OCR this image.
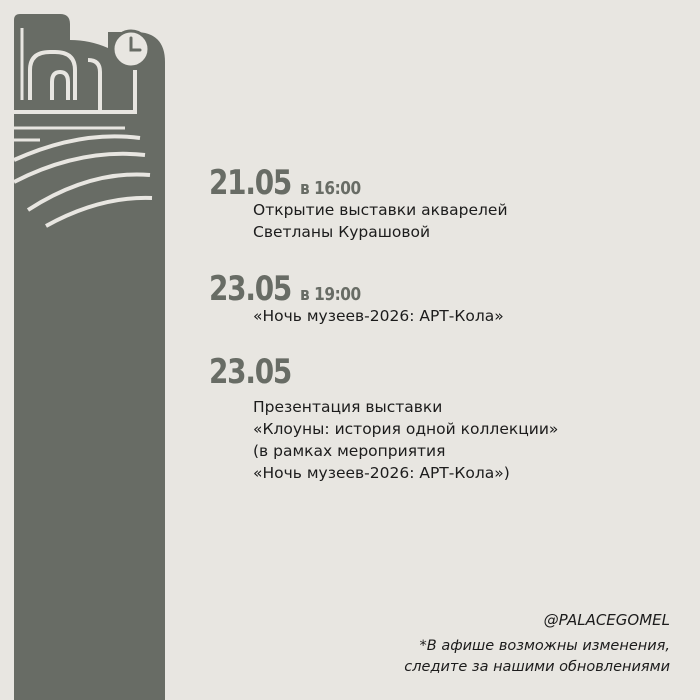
21.05 в 16:00
Открытие выставки акварелей
Светланы Курашовой
23.05 в 19:00
«Ночь музеев-2026: АРТ-Кола»
23.05
Презентация выставки
«Клоуны: история одной коллекции»
(в рамках мероприятия
«Ночь музеев-2026: АРТ-Кола»)
@PALACEGOMEL
*В афише возможны изменения,
следите за нашими обновлениями
